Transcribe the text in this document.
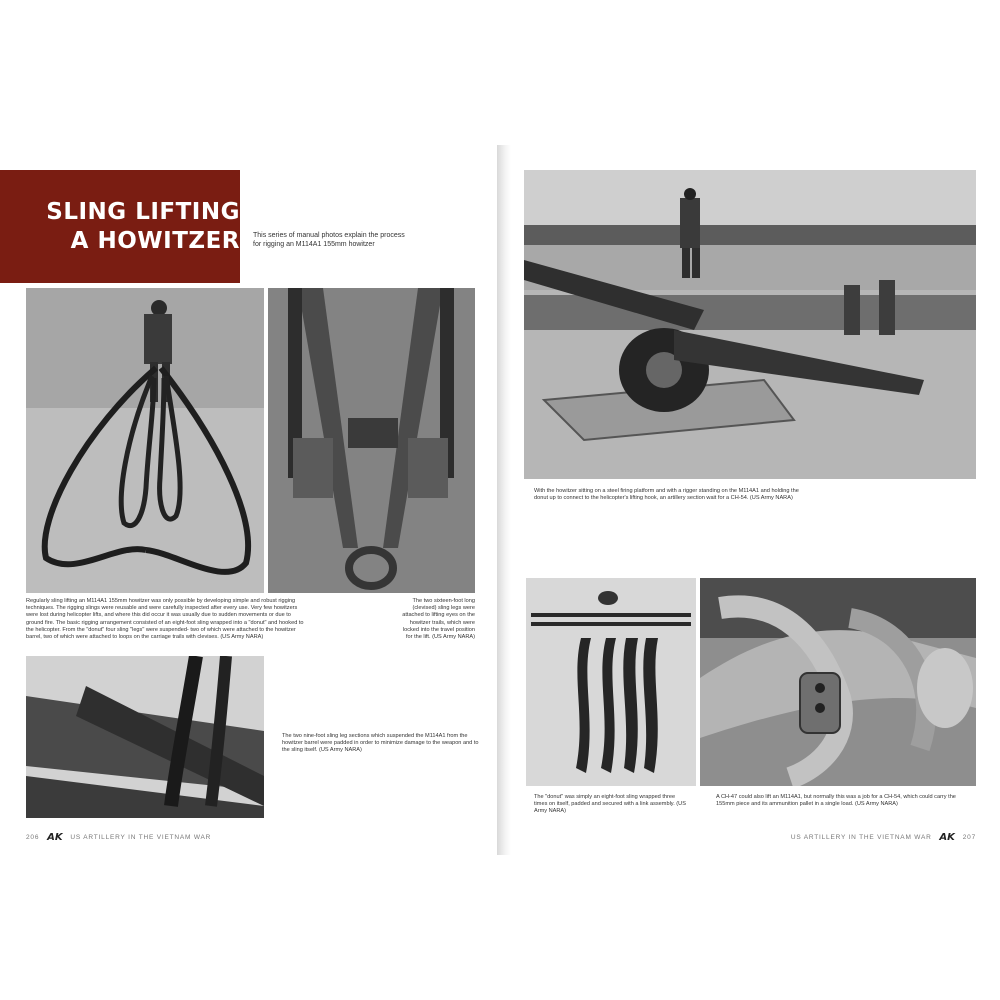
SLING LIFTING
A HOWITZER This series of manual photos explain the process for rigging an M114A1 155mm howitzer
Regularly sling lifting an M114A1 155mm howitzer was only possible by developing simple and robust rigging techniques. The rigging slings were reusable and were carefully inspected after every use. Very few howitzers were lost during helicopter lifts, and where this did occur it was usually due to sudden movements or due to ground fire. The basic rigging arrangement consisted of an eight-foot sling wrapped into a "donut" and hooked to the helicopter. From the "donut" four sling "legs" were suspended- two of which were attached to the howitzer barrel, two of which were attached to loops on the carriage trails with clevises. (US Army NARA)
The two sixteen-foot long (clevised) sling legs were attached to lifting eyes on the howitzer trails, which were locked into the travel position for the lift. (US Army NARA)
The two nine-foot sling leg sections which suspended the M114A1 from the howitzer barrel were padded in order to minimize damage to the weapon and to the sling itself. (US Army NARA)
With the howitzer sitting on a steel firing platform and with a rigger standing on the M114A1 and holding the donut up to connect to the helicopter's lifting hook, an artillery section wait for a CH-54. (US Army NARA)
The "donut" was simply an eight-foot sling wrapped three times on itself, padded and secured with a link assembly. (US Army NARA)
A CH-47 could also lift an M114A1, but normally this was a job for a CH-54, which could carry the 155mm piece and its ammunition pallet in a single load. (US Army NARA)
206 AK US ARTILLERY IN THE VIETNAM WAR	US ARTILLERY IN THE VIETNAM WAR AK 207
